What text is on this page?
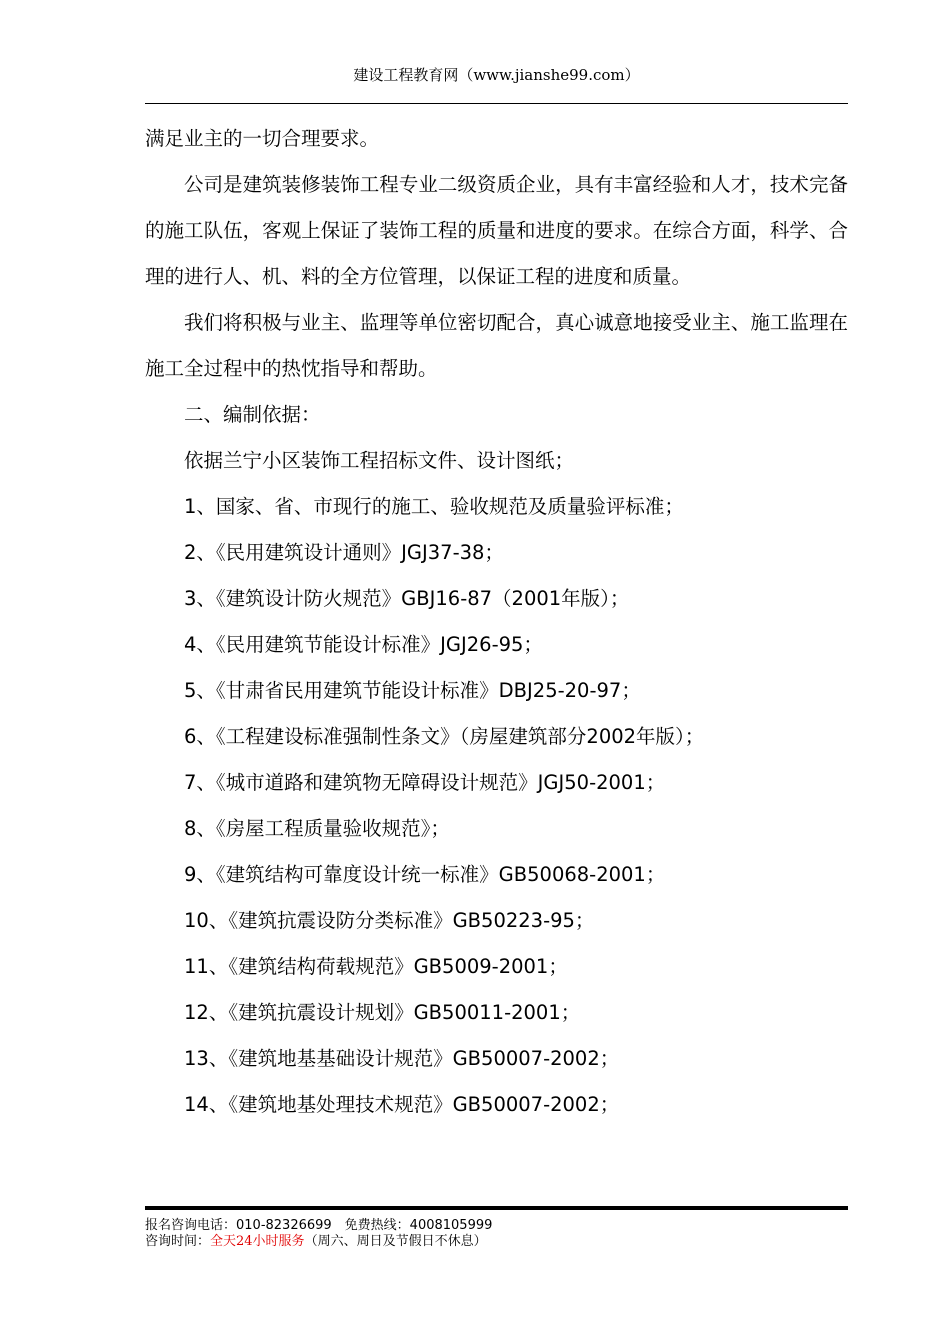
建设工程教育网（www.jianshe99.com）

满足业主的一切合理要求。

公司是建筑装修装饰工程专业二级资质企业，具有丰富经验和人才，技术完备的施工队伍，客观上保证了装饰工程的质量和进度的要求。在综合方面，科学、合理的进行人、机、料的全方位管理，以保证工程的进度和质量。

我们将积极与业主、监理等单位密切配合，真心诚意地接受业主、施工监理在施工全过程中的热忱指导和帮助。

二、编制依据：

依据兰宁小区装饰工程招标文件、设计图纸；

1、国家、省、市现行的施工、验收规范及质量验评标准；

2、《民用建筑设计通则》JGJ37-38；

3、《建筑设计防火规范》GBJ16-87（2001年版）；

4、《民用建筑节能设计标准》JGJ26-95；

5、《甘肃省民用建筑节能设计标准》DBJ25-20-97；

6、《工程建设标准强制性条文》（房屋建筑部分2002年版）；

7、《城市道路和建筑物无障碍设计规范》JGJ50-2001；

8、《房屋工程质量验收规范》；

9、《建筑结构可靠度设计统一标准》GB50068-2001；

10、《建筑抗震设防分类标准》GB50223-95；

11、《建筑结构荷载规范》GB5009-2001；

12、《建筑抗震设计规划》GB50011-2001；

13、《建筑地基基础设计规范》GB50007-2002；

14、《建筑地基处理技术规范》GB50007-2002；

报名咨询电话：010-82326699　免费热线：4008105999
咨询时间：全天24小时服务（周六、周日及节假日不休息）
